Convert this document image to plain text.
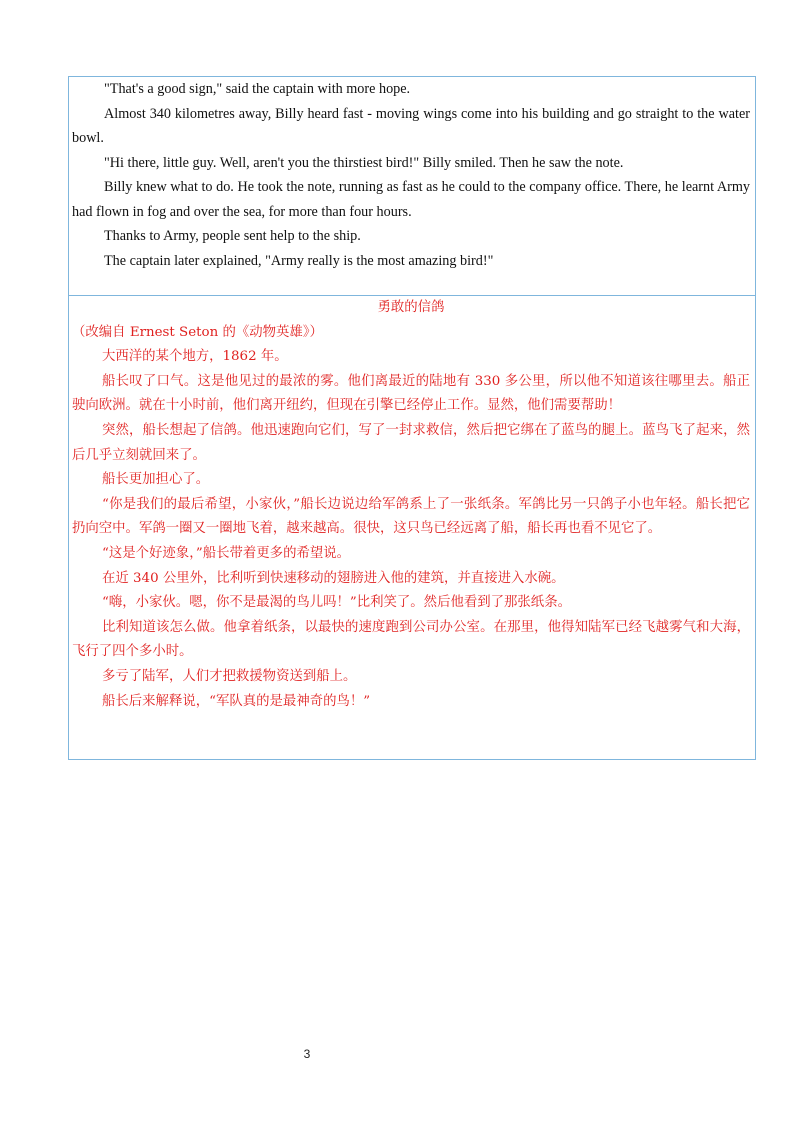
"That's a good sign," said the captain with more hope.

Almost 340 kilometres away, Billy heard fast - moving wings come into his building and go straight to the water bowl.

"Hi there, little guy. Well, aren't you the thirstiest bird!" Billy smiled. Then he saw the note.

Billy knew what to do. He took the note, running as fast as he could to the company office. There, he learnt Army had flown in fog and over the sea, for more than four hours.

Thanks to Army, people sent help to the ship.

The captain later explained, "Army really is the most amazing bird!"

勇敢的信鸽

（改编自 Ernest Seton 的《动物英雄》）

大西洋的某个地方，1862 年。

船长叹了口气。这是他见过的最浓的雾。他们离最近的陆地有 330 多公里，所以他不知道该往哪里去。船正驶向欧洲。就在十小时前，他们离开纽约，但现在引擎已经停止工作。显然，他们需要帮助！

突然，船长想起了信鸽。他迅速跑向它们，写了一封求救信，然后把它绑在了蓝鸟的腿上。蓝鸟飞了起来，然后几乎立刻就回来了。

船长更加担心了。

“你是我们的最后希望，小家伙，”船长边说边给军鸽系上了一张纸条。军鸽比另一只鸽子小也年轻。船长把它扔向空中。军鸽一圈又一圈地飞着，越来越高。很快，这只鸟已经远离了船，船长再也看不见它了。

“这是个好迹象，”船长带着更多的希望说。

在近 340 公里外，比利听到快速移动的翅膀进入他的建筑，并直接进入水碗。

“嗨，小家伙。嗯，你不是最渴的鸟儿吗！”比利笑了。然后他看到了那张纸条。

比利知道该怎么做。他拿着纸条，以最快的速度跑到公司办公室。在那里，他得知陆军已经飞越雾气和大海，飞行了四个多小时。

多亏了陆军，人们才把救援物资送到船上。

船长后来解释说，“军队真的是最神奇的鸟！”

3
